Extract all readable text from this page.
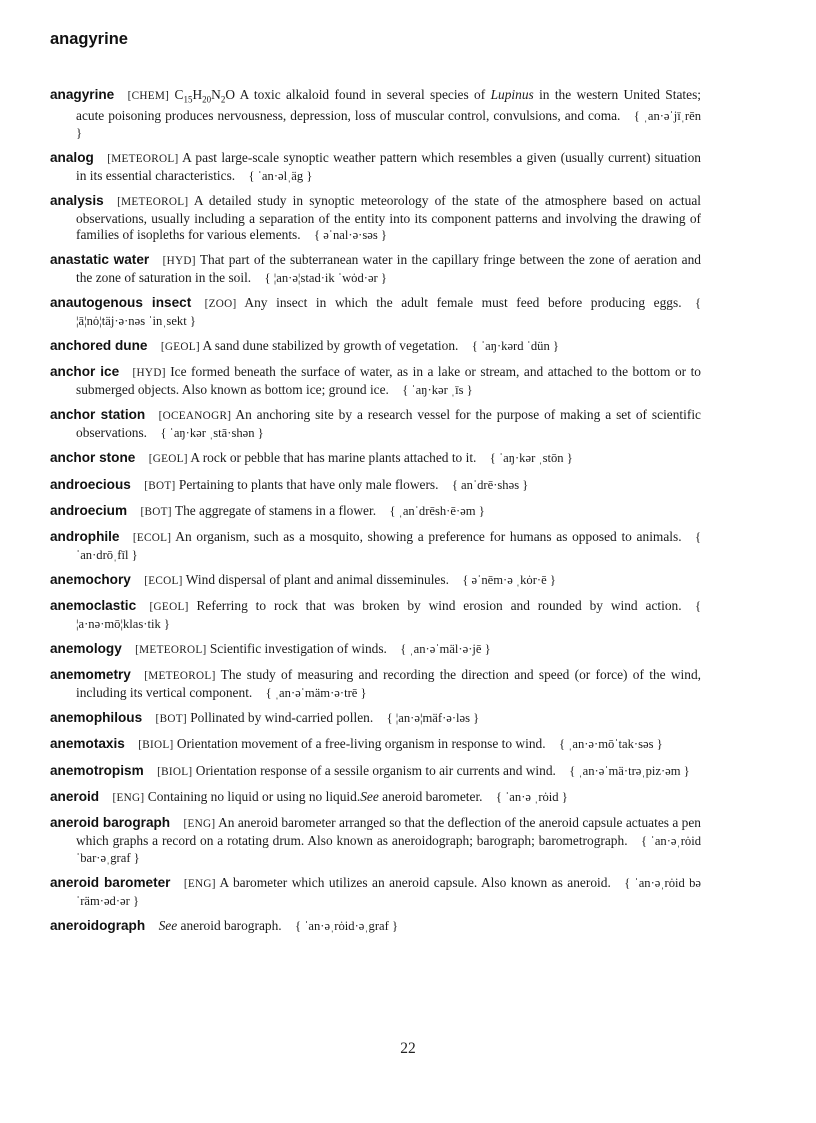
anagyrine

anagyrine  [CHEM] $C_{15}H_{20}N_2O$ A toxic alkaloid found in several species of Lupinus in the western United States; acute poisoning produces nervousness, depression, loss of muscular control, convulsions, and coma.  { ˌan·əˈjīˌrēn }

analog  [METEOROL] A past large-scale synoptic weather pattern which resembles a given (usually current) situation in its essential characteristics.  { ˈan·əlˌäg }

analysis  [METEOROL] A detailed study in synoptic meteorology of the state of the atmosphere based on actual observations, usually including a separation of the entity into its component patterns and involving the drawing of families of isopleths for various elements.  { əˈnal·ə·səs }

anastatic water  [HYD] That part of the subterranean water in the capillary fringe between the zone of aeration and the zone of saturation in the soil.  { ¦an·ə¦stad·ik ˈwȯd·ər }

anautogenous insect  [ZOO] Any insect in which the adult female must feed before producing eggs.  { ¦ā¦nȯ¦täj·ə·nəs ˈinˌsekt }

anchored dune  [GEOL] A sand dune stabilized by growth of vegetation.  { ˈaŋ·kərd ˈdün }

anchor ice  [HYD] Ice formed beneath the surface of water, as in a lake or stream, and attached to the bottom or to submerged objects. Also known as bottom ice; ground ice.  { ˈaŋ·kər ˌīs }

anchor station  [OCEANOGR] An anchoring site by a research vessel for the purpose of making a set of scientific observations.  { ˈaŋ·kər ˌstā·shən }

anchor stone  [GEOL] A rock or pebble that has marine plants attached to it.  { ˈaŋ·kər ˌstōn }

androecious  [BOT] Pertaining to plants that have only male flowers.  { anˈdrē·shəs }

androecium  [BOT] The aggregate of stamens in a flower.  { ˌanˈdrēsh·ē·əm }

androphile  [ECOL] An organism, such as a mosquito, showing a preference for humans as opposed to animals.  { ˈan·drōˌfīl }

anemochory  [ECOL] Wind dispersal of plant and animal disseminules.  { əˈnēm·ə ˌkȯr·ē }

anemoclastic  [GEOL] Referring to rock that was broken by wind erosion and rounded by wind action.  { ¦a·nə·mō¦klas·tik }

anemology  [METEOROL] Scientific investigation of winds.  { ˌan·əˈmäl·ə·jē }

anemometry  [METEOROL] The study of measuring and recording the direction and speed (or force) of the wind, including its vertical component.  { ˌan·əˈmäm·ə·trē }

anemophilous  [BOT] Pollinated by wind-carried pollen.  { ¦an·ə¦mäf·ə·ləs }

anemotaxis  [BIOL] Orientation movement of a free-living organism in response to wind.  { ˌan·ə·mōˈtak·səs }

anemotropism  [BIOL] Orientation response of a sessile organism to air currents and wind.  { ˌan·əˈmä·trəˌpiz·əm }

aneroid  [ENG] Containing no liquid or using no liquid.See aneroid barometer.  { ˈan·ə ˌrȯid }

aneroid barograph  [ENG] An aneroid barometer arranged so that the deflection of the aneroid capsule actuates a pen which graphs a record on a rotating drum. Also known as aneroidograph; barograph; barometrograph.  { ˈan·əˌrȯid ˈbar·əˌgraf }

aneroid barometer  [ENG] A barometer which utilizes an aneroid capsule. Also known as aneroid.  { ˈan·əˌrȯid bəˈräm·əd·ər }

aneroidograph  See aneroid barograph.  { ˈan·əˌrȯid·əˌgraf }

22
